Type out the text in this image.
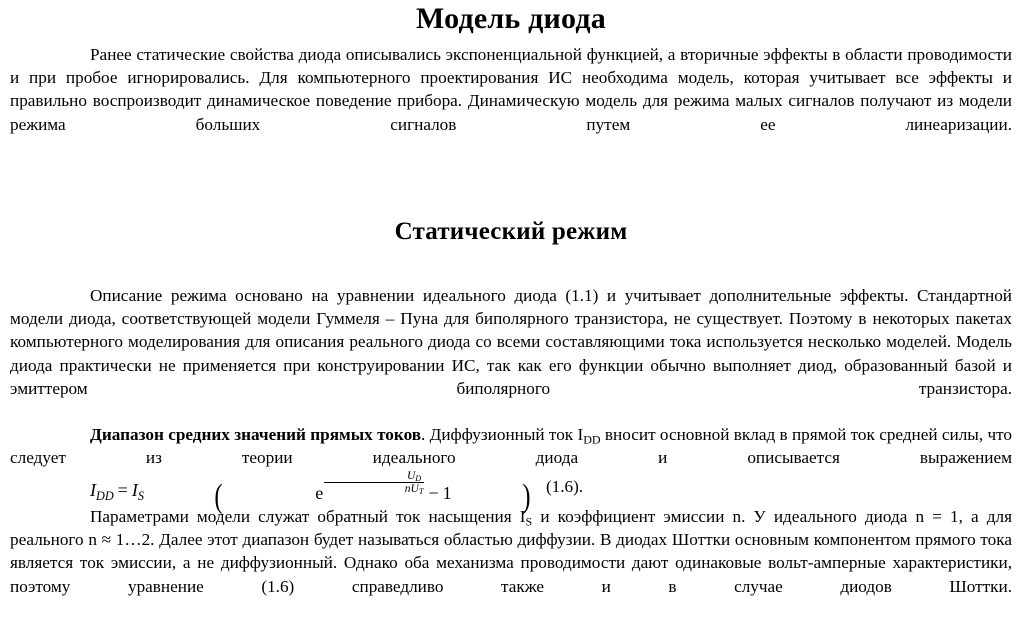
Модель диода

Ранее статические свойства диода описывались экспоненциальной функцией, а вторичные эффекты в области проводимости и при пробое игнорировались. Для компьютерного проектирования ИС необходима модель, которая учитывает все эффекты и правильно воспроизводит динамическое поведение прибора. Динамическую модель для режима малых сигналов получают из модели режима больших сигналов путем ее линеаризации.

Статический режим

Описание режима основано на уравнении идеального диода (1.1) и учитывает дополнительные эффекты. Стандартной модели диода, соответствующей модели Гуммеля – Пуна для биполярного транзистора, не существует. Поэтому в некоторых пакетах компьютерного моделирования для описания реального диода со всеми составляющими тока используется несколько моделей. Модель диода практически не применяется при конструировании ИС, так как его функции обычно выполняет диод, образованный базой и эмиттером биполярного транзистора.

Диапазон средних значений прямых токов. Диффузионный ток $I_{DD}$ вносит основной вклад в прямой ток средней силы, что следует из теории идеального диода и описывается выражением $I_{DD} = I_S$ (	e $\frac{U_D}{nU_T} - 1$ ) (1.6).

Параметрами модели служат обратный ток насыщения $I_S$ и коэффициент эмиссии n. У идеального диода n = 1, а для реального n ≈ 1…2. Далее этот диапазон будет называться областью диффузии. В диодах Шоттки основным компонентом прямого тока является ток эмиссии, а не диффузионный. Однако оба механизма проводимости дают одинаковые вольт-амперные характеристики, поэтому уравнение (1.6) справедливо также и в случае диодов Шоттки.
